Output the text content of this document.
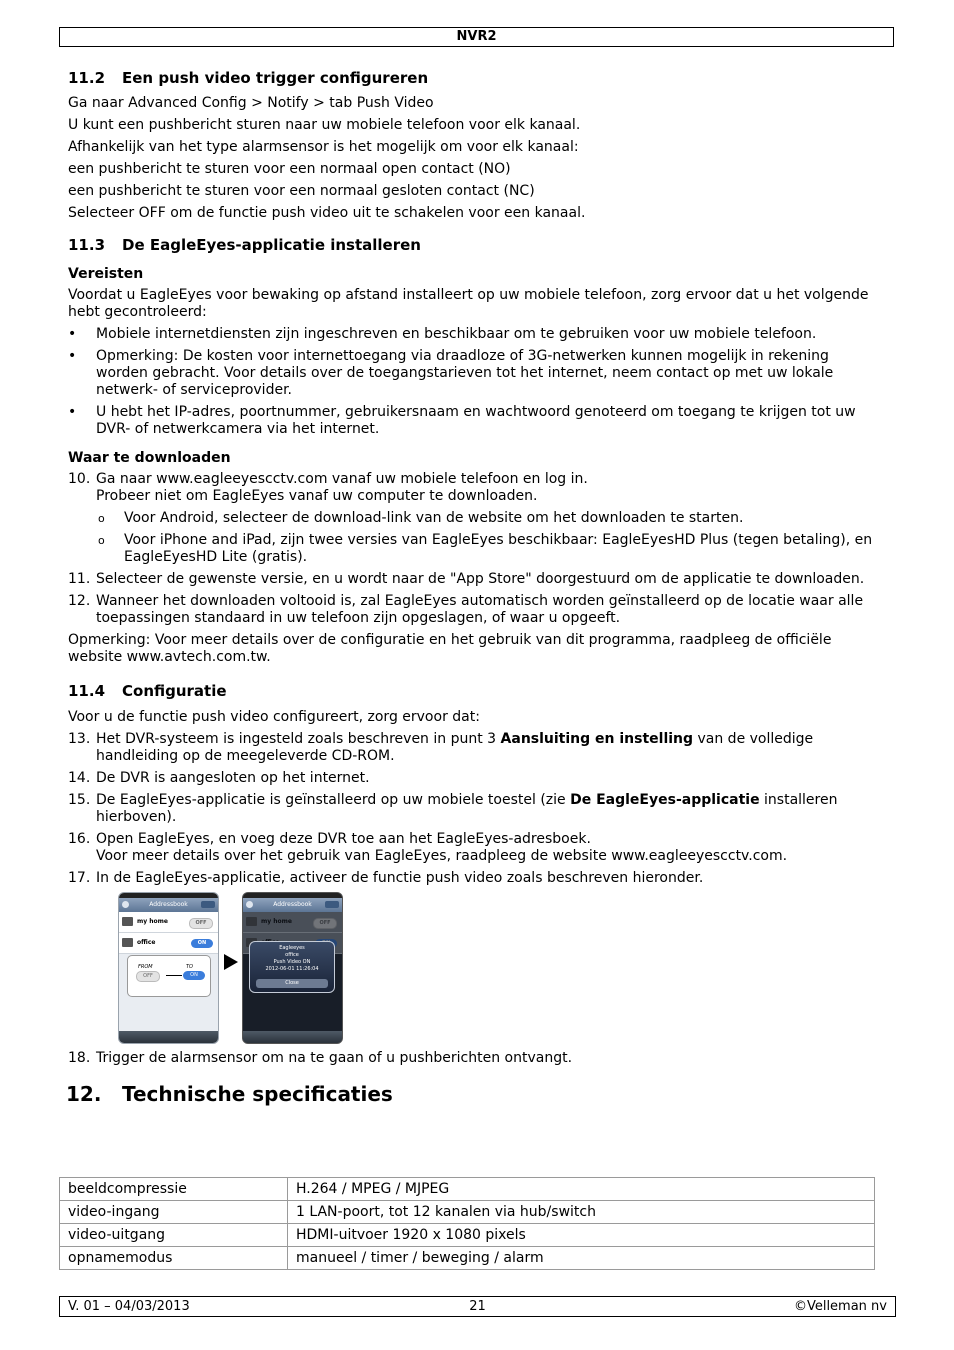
NVR2
11.2 Een push video trigger configureren

Ga naar Advanced Config > Notify > tab Push Video

U kunt een pushbericht sturen naar uw mobiele telefoon voor elk kanaal.

Afhankelijk van het type alarmsensor is het mogelijk om voor elk kanaal:

een pushbericht te sturen voor een normaal open contact (NO)

een pushbericht te sturen voor een normaal gesloten contact (NC)

Selecteer OFF om de functie push video uit te schakelen voor een kanaal.

11.3 De EagleEyes-applicatie installeren
Vereisten

Voordat u EagleEyes voor bewaking op afstand installeert op uw mobiele telefoon, zorg ervoor dat u het volgende hebt gecontroleerd:

• Mobiele internetdiensten zijn ingeschreven en beschikbaar om te gebruiken voor uw mobiele telefoon.
• Opmerking: De kosten voor internettoegang via draadloze of 3G-netwerken kunnen mogelijk in rekening worden gebracht. Voor details over de toegangstarieven tot het internet, neem contact op met uw lokale netwerk- of serviceprovider.
• U hebt het IP-adres, poortnummer, gebruikersnaam en wachtwoord genoteerd om toegang te krijgen tot uw DVR- of netwerkcamera via het internet.
Waar te downloaden
10. Ga naar www.eagleeyescctv.com vanaf uw mobiele telefoon en log in.
Probeer niet om EagleEyes vanaf uw computer te downloaden.
o Voor Android, selecteer de download-link van de website om het downloaden te starten.
o Voor iPhone and iPad, zijn twee versies van EagleEyes beschikbaar: EagleEyesHD Plus (tegen betaling), en EagleEyesHD Lite (gratis).
11. Selecteer de gewenste versie, en u wordt naar de "App Store" doorgestuurd om de applicatie te downloaden.
12. Wanneer het downloaden voltooid is, zal EagleEyes automatisch worden geïnstalleerd op de locatie waar alle toepassingen standaard in uw telefoon zijn opgeslagen, of waar u opgeeft.

Opmerking: Voor meer details over de configuratie en het gebruik van dit programma, raadpleeg de officiële website www.avtech.com.tw.

11.4 Configuratie

Voor u de functie push video configureert, zorg ervoor dat:

13. Het DVR-systeem is ingesteld zoals beschreven in punt 3 Aansluiting en instelling van de volledige handleiding op de meegeleverde CD-ROM.
14. De DVR is aangesloten op het internet.
15. De EagleEyes-applicatie is geïnstalleerd op uw mobiele toestel (zie De EagleEyes-applicatie installeren hierboven).
16. Open EagleEyes, en voeg deze DVR toe aan het EagleEyes-adresboek.
Voor meer details over het gebruik van EagleEyes, raadpleeg de website www.eagleeyescctv.com.
17. In de EagleEyes-applicatie, activeer de functie push video zoals beschreven hieronder.
Addressbook
my home	OFF
office	ON
FROM	TO
OFF	ON
Addressbook
Eagleeyes
office
Push Video ON
2012-06-01 11:26:04
Close
18. Trigger de alarmsensor om na te gaan of u pushberichten ontvangt.
12. Technische specificaties
beeldcompressie	H.264 / MPEG / MJPEG
video-ingang	1 LAN-poort, tot 12 kanalen via hub/switch
video-uitgang	HDMI-uitvoer 1920 x 1080 pixels
opnamemodus	manueel / timer / beweging / alarm
V. 01 – 04/03/2013	21	©Velleman nv
